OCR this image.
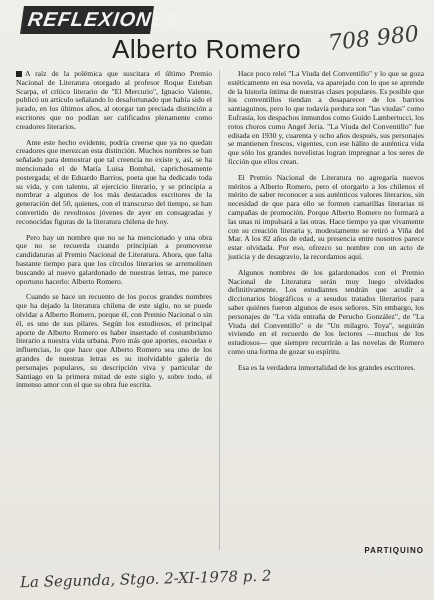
REFLEXIONES
Alberto Romero	708 980

A raíz de la polémica que suscitara el último Premio Nacional de Literatura otorgado al profesor Roque Esteban Scarpa, el crítico literario de "El Mercurio", Ignacio Valente, publicó un artículo señalando lo desafortunado que había sido el jurado, en los últimos años, al otorgar tan preciada distinción a escritores que no podían ser calificados plenamente como creadores literarios.

Ante este hecho evidente, podría creerse que ya no quedan creadores que merezcan esta distinción. Muchos nombres se han señalado para demostrar que tal creencia no existe y, así, se ha mencionado el de María Luisa Bombal, caprichosamente postergada; el de Eduardo Barrios, poeta que ha dedicado toda su vida, y con talento, al ejercicio literario, y se principia a nombrar a algunos de los más destacados escritores de la generación del 50, quienes, con el transcurso del tiempo, se han convertido de revoltosos jóvenes de ayer en consagradas y reconocidas figuras de la literatura chilena de hoy.

Pero hay un nombre que no se ha mencionado y una obra que no se recuerda cuando principian a promoverse candidaturas al Premio Nacional de Literatura. Ahora, que falta bastante tiempo para que los círculos literarios se arremolinen buscando al nuevo galardonado de nuestras letras, me parece oportuno hacerlo: Alberto Romero.

Cuando se hace un recuento de los pocos grandes nombres que ha dejado la literatura chilena de este siglo, no se puede olvidar a Alberto Romero, porque él, con Premio Nacional o sin él, es uno de sus pilares. Según los estudiosos, el principal aporte de Alberto Romero es haber insertado el costumbrismo literario a nuestra vida urbana. Pero más que aportes, escuelas e influencias, lo que hace que Alberto Romero sea uno de los grandes de nuestras letras es su inolvidable galería de personajes populares, su descripción viva y particular de Santiago en la primera mitad de este siglo y, sobre todo, el inmenso amor con el que su obra fue escrita.

Hace poco releí "La Viuda del Conventillo" y lo que se goza estéticamente en esa novela, va aparejado con lo que se aprende de la historia íntima de nuestras clases populares. Es posible que los conventillos tiendan a desaparecer de los barrios santiaguinos, pero lo que todavía perdura son "las viudas" como Eufrasia, los despachos inmundos como Guido Lambertucci, los rotos choros como Angel Jeria. "La Viuda del Conventillo" fue editada en 1930 y, cuarenta y ocho años después, sus personajes se mantienen frescos, vigentes, con ese hálito de auténtica vida que sólo los grandes novelistas logran impregnar a los seres de ficción que ellos crean.

El Premio Nacional de Literatura no agregaría nuevos méritos a Alberto Romero, pero el otorgarlo a los chilenos el mérito de saber reconocer a sus auténticos valores literarios, sin necesidad de que para ello se formen camarillas literarias ni campañas de promoción. Porque Alberto Romero no formará a las unas ni impulsará a las otras. Hace tiempo ya que vivamente con su creación literaria y, modestamente se retiró a Viña del Mar. A los 82 años de edad, su presencia entre nosotros parece estar olvidada. Por eso, ofrezco su nombre con un acto de justicia y de desagravio, la recordamos aquí.

Algunos nombres de los galardonados con el Premio Nacional de Literatura serán muy luego olvidados definitivamente. Los estudiantes tendrán que acudir a diccionarios biográficos o a sesudos tratados literarios para saber quiénes fueron algunos de esos señores. Sin embargo, los personajes de "La vida entraña de Perucho González", de "La Viuda del Conventillo" o de "Un milagro. Toya", seguirán viviendo en el recuerdo de los lectores —muchos de los estudiosos— que siempre recurrirán a las novelas de Romero como una forma de gozar su espíritu.

Esa es la verdadera inmortalidad de los grandes escritores.

PARTIQUINO
La Segunda, Stgo. 2-XI-1978 p. 2
